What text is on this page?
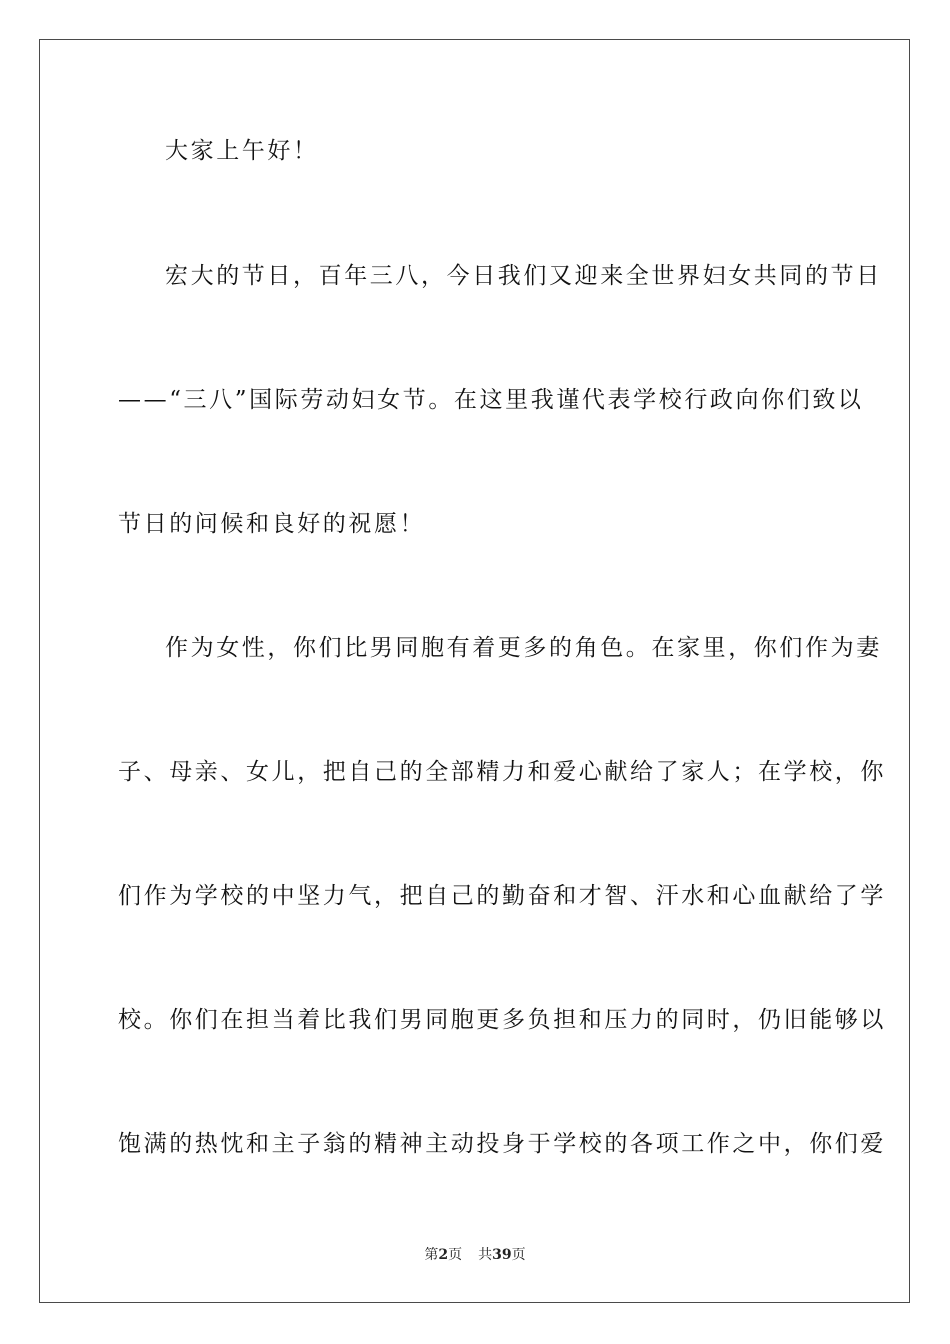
大家上午好！
宏大的节日，百年三八，今日我们又迎来全世界妇女共同的节日
——“三八”国际劳动妇女节。在这里我谨代表学校行政向你们致以
节日的问候和良好的祝愿！
作为女性，你们比男同胞有着更多的角色。在家里，你们作为妻
子、母亲、女儿，把自己的全部精力和爱心献给了家人；在学校，你
们作为学校的中坚力气，把自己的勤奋和才智、汗水和心血献给了学
校。你们在担当着比我们男同胞更多负担和压力的同时，仍旧能够以
饱满的热忱和主子翁的精神主动投身于学校的各项工作之中，你们爱
第2页 共39页
